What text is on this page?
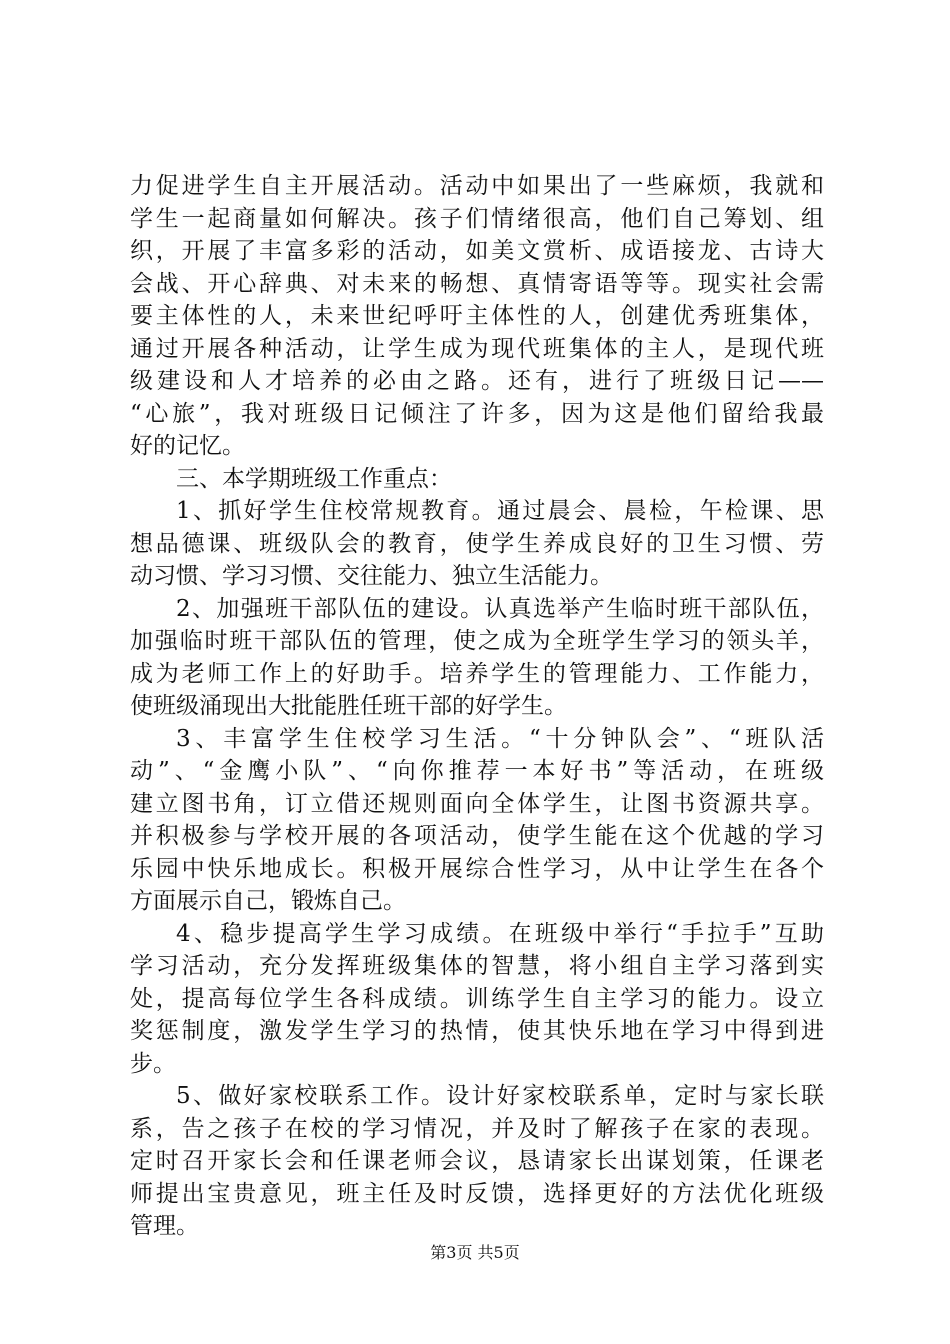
力促进学生自主开展活动。活动中如果出了一些麻烦，我就和
学生一起商量如何解决。孩子们情绪很高，他们自己筹划、组
织，开展了丰富多彩的活动，如美文赏析、成语接龙、古诗大
会战、开心辞典、对未来的畅想、真情寄语等等。现实社会需
要主体性的人，未来世纪呼吁主体性的人，创建优秀班集体，
通过开展各种活动，让学生成为现代班集体的主人，是现代班
级建设和人才培养的必由之路。还有，进行了班级日记——
“心旅”，我对班级日记倾注了许多，因为这是他们留给我最
好的记忆。
三、本学期班级工作重点：
1、抓好学生住校常规教育。通过晨会、晨检，午检课、思
想品德课、班级队会的教育，使学生养成良好的卫生习惯、劳
动习惯、学习习惯、交往能力、独立生活能力。
2、加强班干部队伍的建设。认真选举产生临时班干部队伍，
加强临时班干部队伍的管理，使之成为全班学生学习的领头羊，
成为老师工作上的好助手。培养学生的管理能力、工作能力，
使班级涌现出大批能胜任班干部的好学生。
3、丰富学生住校学习生活。“十分钟队会”、“班队活
动”、“金鹰小队”、“向你推荐一本好书”等活动，在班级
建立图书角，订立借还规则面向全体学生，让图书资源共享。
并积极参与学校开展的各项活动，使学生能在这个优越的学习
乐园中快乐地成长。积极开展综合性学习，从中让学生在各个
方面展示自己，锻炼自己。
4、稳步提高学生学习成绩。在班级中举行“手拉手”互助
学习活动，充分发挥班级集体的智慧，将小组自主学习落到实
处，提高每位学生各科成绩。训练学生自主学习的能力。设立
奖惩制度，激发学生学习的热情，使其快乐地在学习中得到进
步。
5、做好家校联系工作。设计好家校联系单，定时与家长联
系，告之孩子在校的学习情况，并及时了解孩子在家的表现。
定时召开家长会和任课老师会议，恳请家长出谋划策，任课老
师提出宝贵意见，班主任及时反馈，选择更好的方法优化班级
管理。
第3页 共5页
